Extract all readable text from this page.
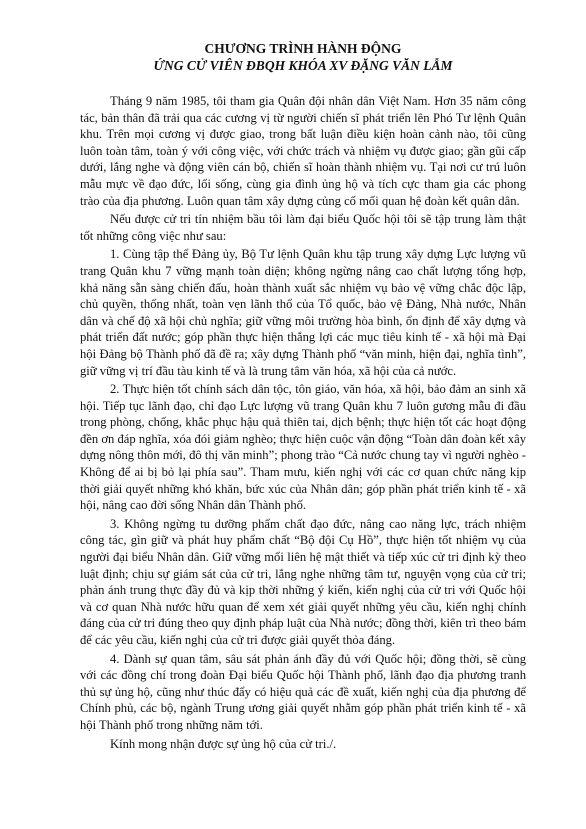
CHƯƠNG TRÌNH HÀNH ĐỘNG
ỨNG CỬ VIÊN ĐBQH KHÓA XV ĐẶNG VĂN LẪM

Tháng 9 năm 1985, tôi tham gia Quân đội nhân dân Việt Nam. Hơn 35 năm công tác, bản thân đã trải qua các cương vị từ người chiến sĩ phát triển lên Phó Tư lệnh Quân khu. Trên mọi cương vị được giao, trong bất luận điều kiện hoàn cảnh nào, tôi cũng luôn toàn tâm, toàn ý với công việc, với chức trách và nhiệm vụ được giao; gần gũi cấp dưới, lắng nghe và động viên cán bộ, chiến sĩ hoàn thành nhiệm vụ. Tại nơi cư trú luôn mẫu mực về đạo đức, lối sống, cùng gia đình ủng hộ và tích cực tham gia các phong trào của địa phương. Luôn quan tâm xây dựng củng cố mối quan hệ đoàn kết quân dân.

Nếu được cử tri tín nhiệm bầu tôi làm đại biểu Quốc hội tôi sẽ tập trung làm thật tốt những công việc như sau:

1. Cùng tập thể Đảng ủy, Bộ Tư lệnh Quân khu tập trung xây dựng Lực lượng vũ trang Quân khu 7 vững mạnh toàn diện; không ngừng nâng cao chất lượng tổng hợp, khả năng sẵn sàng chiến đấu, hoàn thành xuất sắc nhiệm vụ bảo vệ vững chắc độc lập, chủ quyền, thống nhất, toàn vẹn lãnh thổ của Tổ quốc, bảo vệ Đảng, Nhà nước, Nhân dân và chế độ xã hội chủ nghĩa; giữ vững môi trường hòa bình, ổn định để xây dựng và phát triển đất nước; góp phần thực hiện thắng lợi các mục tiêu kinh tế - xã hội mà Đại hội Đảng bộ Thành phố đã đề ra; xây dựng Thành phố “văn minh, hiện đại, nghĩa tình”, giữ vững vị trí đầu tàu kinh tế và là trung tâm văn hóa, xã hội của cả nước.

2. Thực hiện tốt chính sách dân tộc, tôn giáo, văn hóa, xã hội, bảo đảm an sinh xã hội. Tiếp tục lãnh đạo, chỉ đạo Lực lượng vũ trang Quân khu 7 luôn gương mẫu đi đầu trong phòng, chống, khắc phục hậu quả thiên tai, dịch bệnh; thực hiện tốt các hoạt động đền ơn đáp nghĩa, xóa đói giảm nghèo; thực hiện cuộc vận động “Toàn dân đoàn kết xây dựng nông thôn mới, đô thị văn minh”; phong trào “Cả nước chung tay vì người nghèo - Không để ai bị bỏ lại phía sau”. Tham mưu, kiến nghị với các cơ quan chức năng kịp thời giải quyết những khó khăn, bức xúc của Nhân dân; góp phần phát triển kinh tế - xã hội, nâng cao đời sống Nhân dân Thành phố.

3. Không ngừng tu dưỡng phẩm chất đạo đức, nâng cao năng lực, trách nhiệm công tác, gìn giữ và phát huy phẩm chất “Bộ đội Cụ Hồ”, thực hiện tốt nhiệm vụ của người đại biểu Nhân dân. Giữ vững mối liên hệ mật thiết và tiếp xúc cử tri định kỳ theo luật định; chịu sự giám sát của cử tri, lắng nghe những tâm tư, nguyện vọng của cử tri; phản ánh trung thực đầy đủ và kịp thời những ý kiến, kiến nghị của cử tri với Quốc hội và cơ quan Nhà nước hữu quan để xem xét giải quyết những yêu cầu, kiến nghị chính đáng của cử tri đúng theo quy định pháp luật của Nhà nước; đồng thời, kiên trì theo bám để các yêu cầu, kiến nghị của cử tri được giải quyết thỏa đáng.

4. Dành sự quan tâm, sâu sát phản ánh đầy đủ với Quốc hội; đồng thời, sẽ cùng với các đồng chí trong đoàn Đại biểu Quốc hội Thành phố, lãnh đạo địa phương tranh thủ sự ủng hộ, cũng như thúc đẩy có hiệu quả các đề xuất, kiến nghị của địa phương để Chính phủ, các bộ, ngành Trung ương giải quyết nhằm góp phần phát triển kinh tế - xã hội Thành phố trong những năm tới.

Kính mong nhận được sự ủng hộ của cử tri./.
